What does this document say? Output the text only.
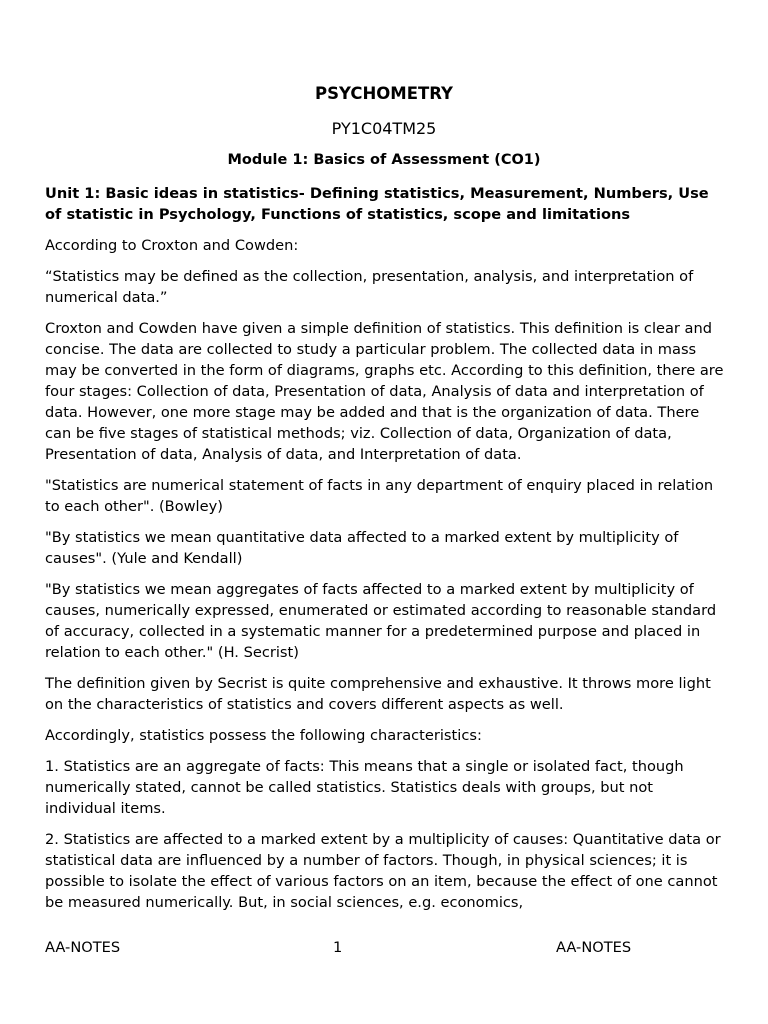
PSYCHOMETRY

PY1C04TM25

Module 1: Basics of Assessment (CO1)

Unit 1: Basic ideas in statistics- Defining statistics, Measurement, Numbers, Use of statistic in Psychology, Functions of statistics, scope and limitations

According to Croxton and Cowden:

“Statistics may be defined as the collection, presentation, analysis, and interpretation of numerical data.”

Croxton and Cowden have given a simple definition of statistics. This definition is clear and concise. The data are collected to study a particular problem. The collected data in mass may be converted in the form of diagrams, graphs etc. According to this definition, there are four stages: Collection of data, Presentation of data, Analysis of data and interpretation of data. However, one more stage may be added and that is the organization of data. There can be five stages of statistical methods; viz. Collection of data, Organization of data, Presentation of data, Analysis of data, and Interpretation of data.

"Statistics are numerical statement of facts in any department of enquiry placed in relation to each other". (Bowley)

"By statistics we mean quantitative data affected to a marked extent by multiplicity of causes". (Yule and Kendall)

"By statistics we mean aggregates of facts affected to a marked extent by multiplicity of causes, numerically expressed, enumerated or estimated according to reasonable standard of accuracy, collected in a systematic manner for a predetermined purpose and placed in relation to each other." (H. Secrist)

The definition given by Secrist is quite comprehensive and exhaustive. It throws more light on the characteristics of statistics and covers different aspects as well.

Accordingly, statistics possess the following characteristics:

1. Statistics are an aggregate of facts: This means that a single or isolated fact, though numerically stated, cannot be called statistics. Statistics deals with groups, but not individual items.

2. Statistics are affected to a marked extent by a multiplicity of causes: Quantitative data or statistical data are influenced by a number of factors. Though, in physical sciences; it is possible to isolate the effect of various factors on an item, because the effect of one cannot be measured numerically. But, in social sciences, e.g. economics,

AA-NOTES	1	AA-NOTES
